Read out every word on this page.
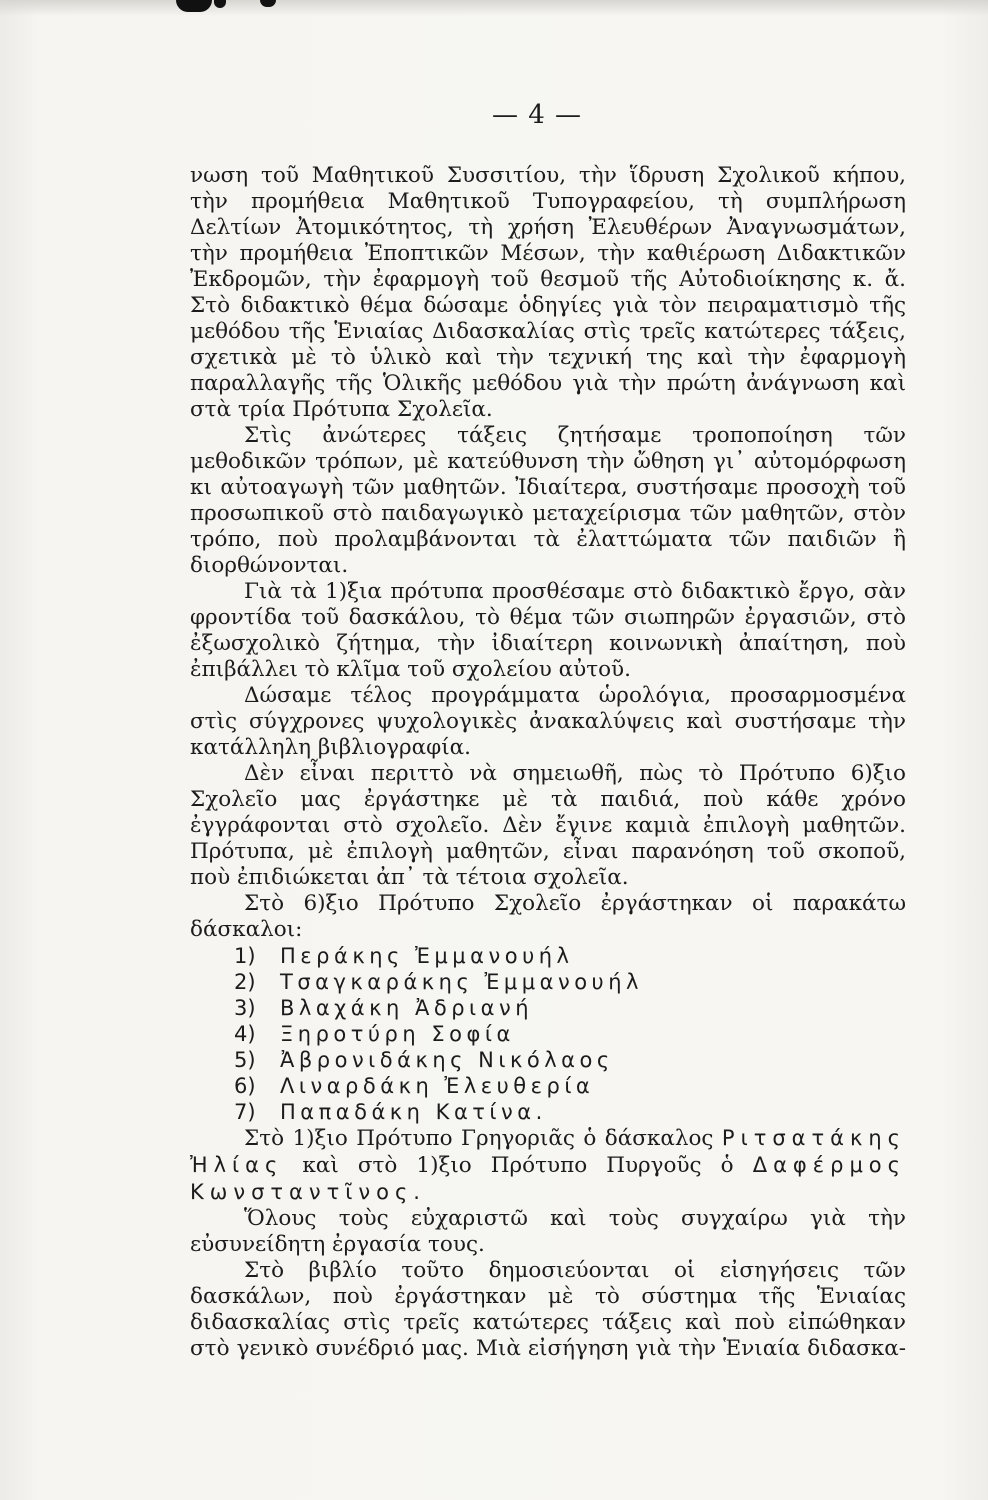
— 4 —

νωση τοῦ Μαθητικοῦ Συσσιτίου, τὴν ἵδρυση Σχολικοῦ κήπου, τὴν προμήθεια Μαθητικοῦ Τυπογραφείου, τὴ συμπλήρωση Δελτίων Ἀτομικότητος, τὴ χρήση Ἐλευθέρων Ἀναγνωσμάτων, τὴν προμήθεια Ἐποπτικῶν Μέσων, τὴν καθιέρωση Διδακτικῶν Ἐκδρομῶν, τὴν ἐφαρμογὴ τοῦ θεσμοῦ τῆς Αὐτοδιοίκησης κ. ἄ. Στὸ διδακτικὸ θέμα δώσαμε ὁδηγίες γιὰ τὸν πειραματισμὸ τῆς μεθόδου τῆς Ἑνιαίας Διδασκαλίας στὶς τρεῖς κατώτερες τάξεις, σχετικὰ μὲ τὸ ὑλικὸ καὶ τὴν τεχνική της καὶ τὴν ἐφαρμογὴ παραλλαγῆς τῆς Ὁλικῆς μεθόδου γιὰ τὴν πρώτη ἀνάγνωση καὶ στὰ τρία Πρότυπα Σχολεῖα.

Στὶς ἀνώτερες τάξεις ζητήσαμε τροποποίηση τῶν μεθοδικῶν τρόπων, μὲ κατεύθυνση τὴν ὤθηση γι᾿ αὐτομόρφωση κι αὐτοαγωγὴ τῶν μαθητῶν. Ἰδιαίτερα, συστήσαμε προσοχὴ τοῦ προσωπικοῦ στὸ παιδαγωγικὸ μεταχείρισμα τῶν μαθητῶν, στὸν τρόπο, ποὺ προλαμβάνονται τὰ ἐλαττώματα τῶν παιδιῶν ἢ διορθώνονται.

Γιὰ τὰ 1)ξια πρότυπα προσθέσαμε στὸ διδακτικὸ ἔργο, σὰν φροντίδα τοῦ δασκάλου, τὸ θέμα τῶν σιωπηρῶν ἐργασιῶν, στὸ ἐξωσχολικὸ ζήτημα, τὴν ἰδιαίτερη κοινωνικὴ ἀπαίτηση, ποὺ ἐπιβάλλει τὸ κλῖμα τοῦ σχολείου αὐτοῦ.

Δώσαμε τέλος προγράμματα ὡρολόγια, προσαρμοσμένα στὶς σύγχρονες ψυχολογικὲς ἀνακαλύψεις καὶ συστήσαμε τὴν κατάλληλη βιβλιογραφία.

Δὲν εἶναι περιττὸ νὰ σημειωθῆ, πὼς τὸ Πρότυπο 6)ξιο Σχολεῖο μας ἐργάστηκε μὲ τὰ παιδιά, ποὺ κάθε χρόνο ἐγγράφονται στὸ σχολεῖο. Δὲν ἔγινε καμιὰ ἐπιλογὴ μαθητῶν. Πρότυπα, μὲ ἐπιλογὴ μαθητῶν, εἶναι παρανόηση τοῦ σκοποῦ, ποὺ ἐπιδιώκεται ἀπ᾿ τὰ τέτοια σχολεῖα.

Στὸ 6)ξιο Πρότυπο Σχολεῖο ἐργάστηκαν οἱ παρακάτω δάσκαλοι:

1) Περάκης Ἐμμανουήλ
2) Τσαγκαράκης Ἐμμανουήλ
3) Βλαχάκη Ἀδριανή
4) Ξηροτύρη Σοφία
5) Ἀβρονιδάκης Νικόλαος
6) Λιναρδάκη Ἐλευθερία
7) Παπαδάκη Κατίνα.

Στὸ 1)ξιο Πρότυπο Γρηγοριᾶς ὁ δάσκαλος Ριτσατάκης Ἠλίας καὶ στὸ 1)ξιο Πρότυπο Πυργοῦς ὁ Δαφέρμος Κωνσταντῖνος.

Ὅλους τοὺς εὐχαριστῶ καὶ τοὺς συγχαίρω γιὰ τὴν εὐσυνείδητη ἐργασία τους.

Στὸ βιβλίο τοῦτο δημοσιεύονται οἱ εἰσηγήσεις τῶν δασκάλων, ποὺ ἐργάστηκαν μὲ τὸ σύστημα τῆς Ἑνιαίας διδασκαλίας στὶς τρεῖς κατώτερες τάξεις καὶ ποὺ εἰπώθηκαν στὸ γενικὸ συνέδριό μας. Μιὰ εἰσήγηση γιὰ τὴν Ἑνιαία διδασκα-
